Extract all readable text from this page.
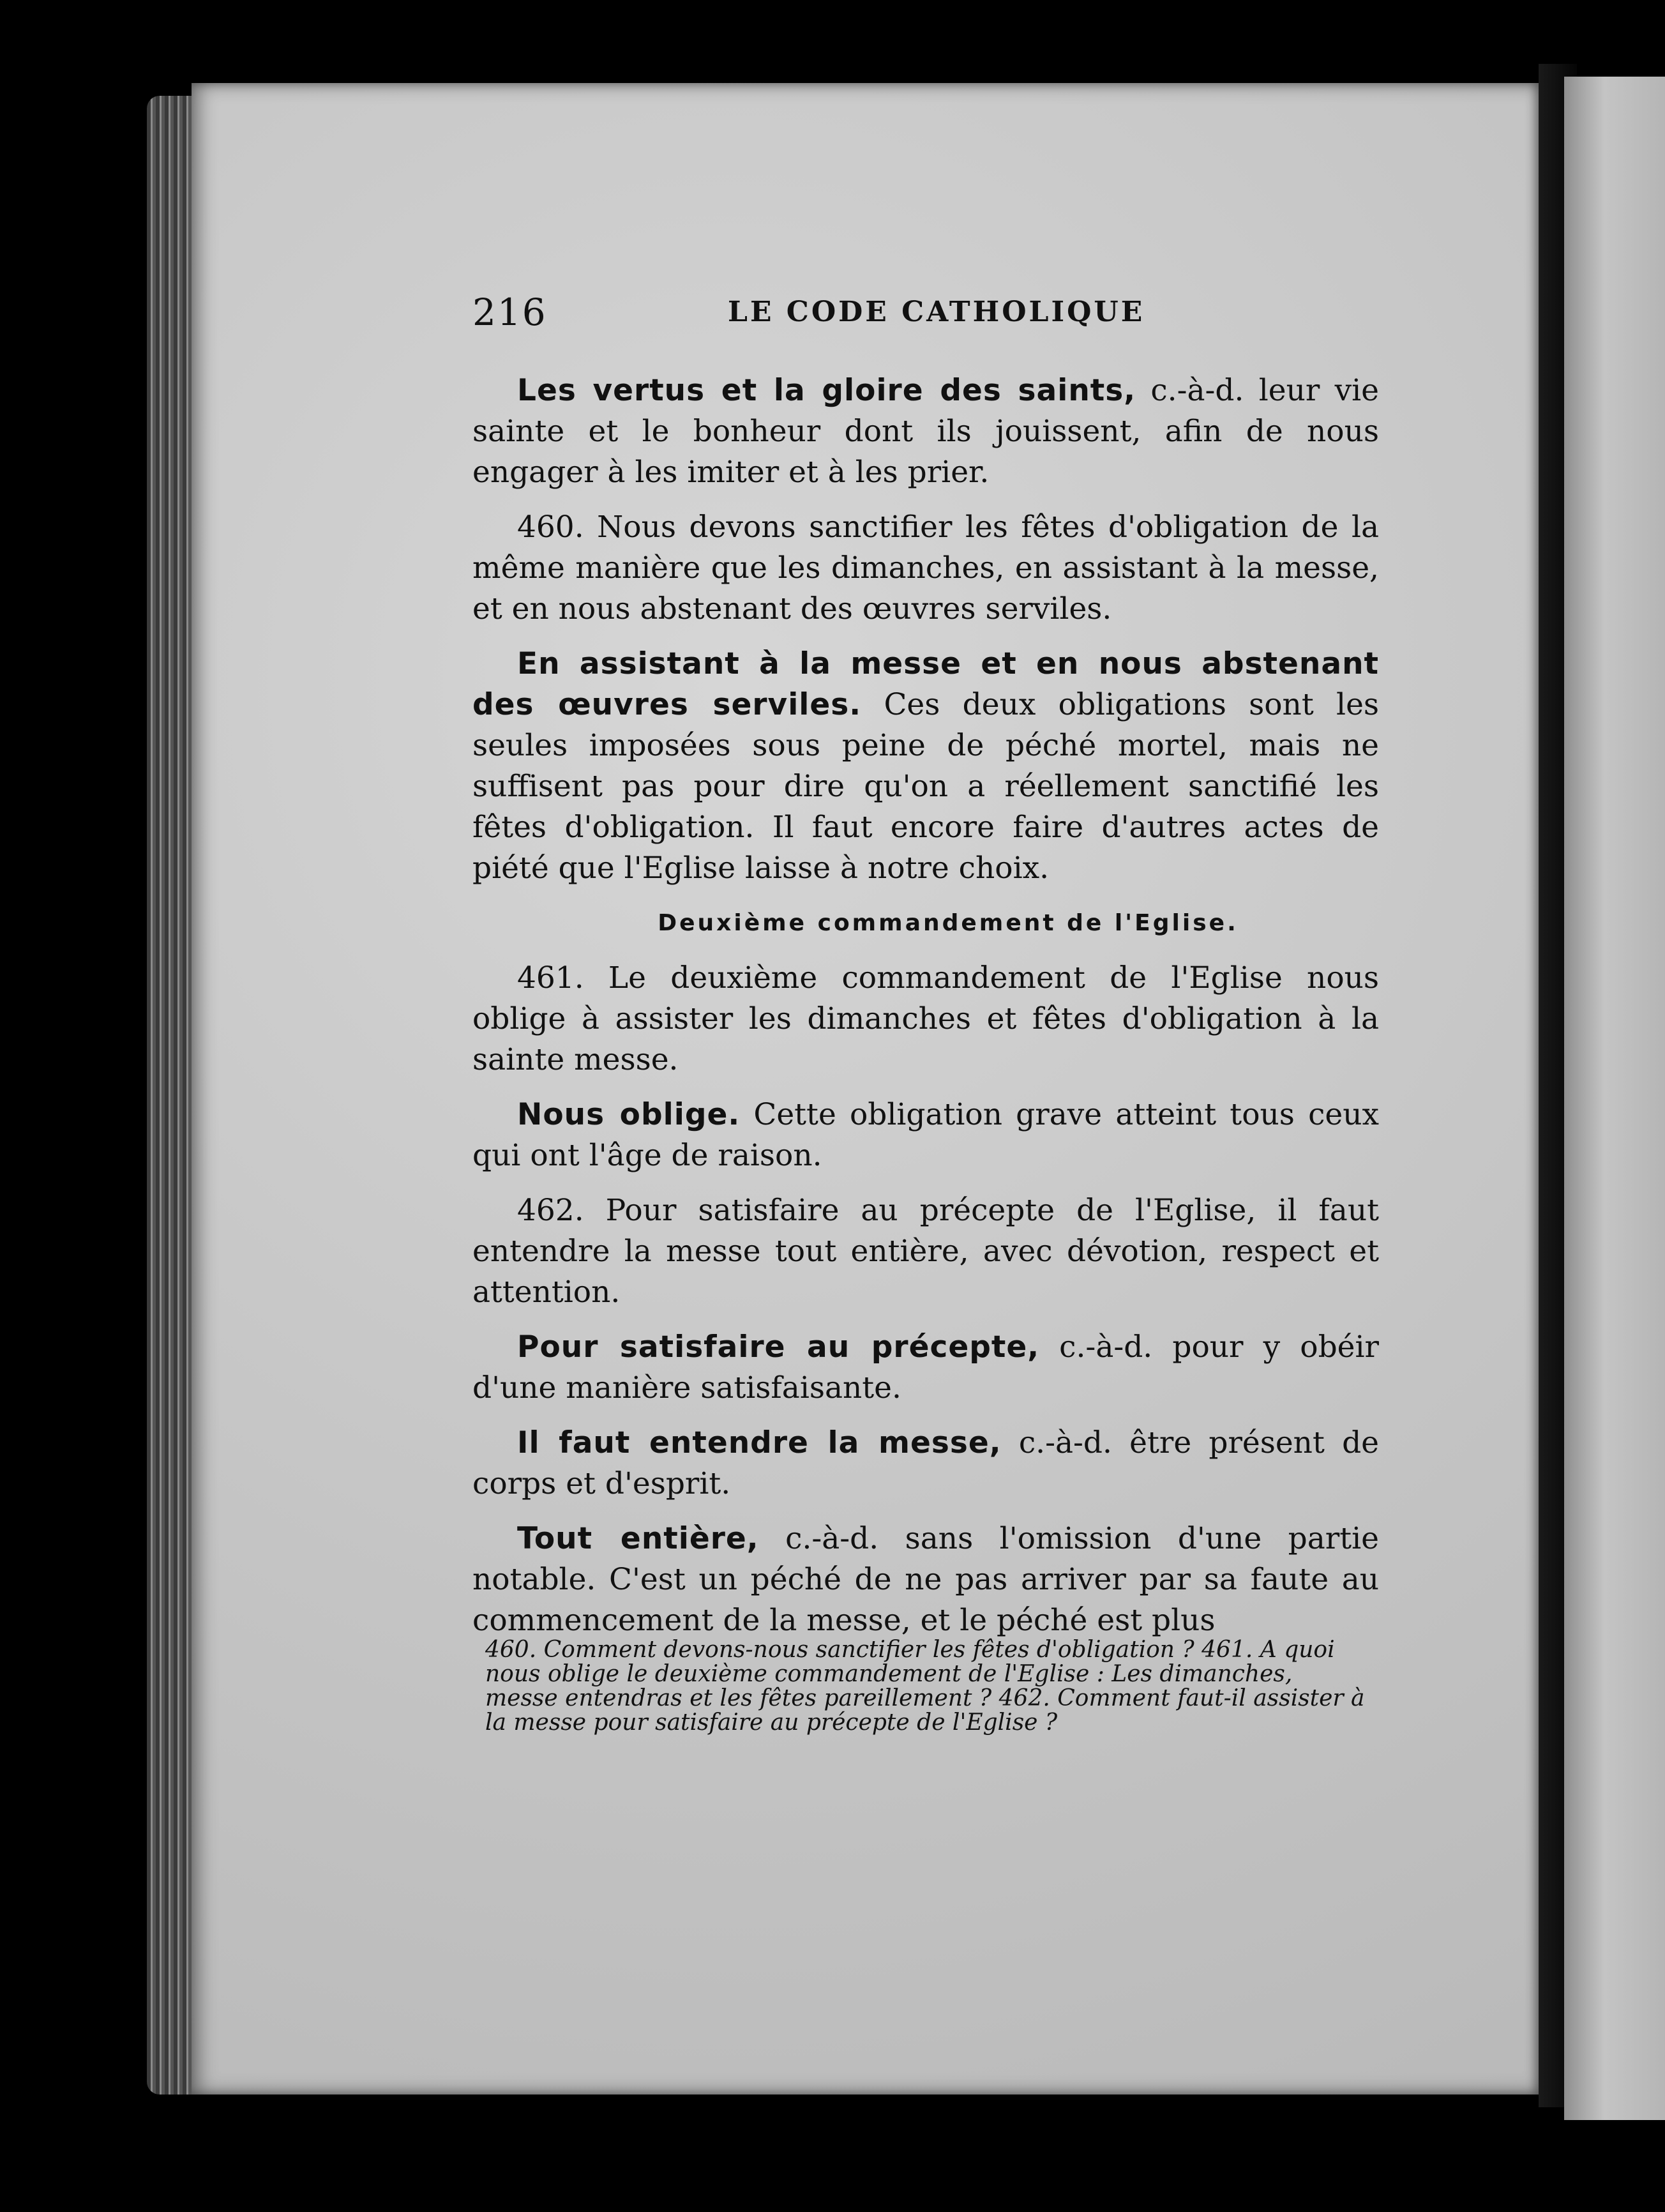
216	LE CODE CATHOLIQUE

Les vertus et la gloire des saints, c.-à-d. leur vie sainte et le bonheur dont ils jouissent, afin de nous engager à les imiter et à les prier.

460. Nous devons sanctifier les fêtes d'obligation de la même manière que les dimanches, en assistant à la messe, et en nous abstenant des œuvres serviles.

En assistant à la messe et en nous abstenant des œuvres serviles. Ces deux obligations sont les seules imposées sous peine de péché mortel, mais ne suffisent pas pour dire qu'on a réellement sanctifié les fêtes d'obligation. Il faut encore faire d'autres actes de piété que l'Eglise laisse à notre choix.

Deuxième commandement de l'Eglise.

461. Le deuxième commandement de l'Eglise nous oblige à assister les dimanches et fêtes d'obligation à la sainte messe.

Nous oblige. Cette obligation grave atteint tous ceux qui ont l'âge de raison.

462. Pour satisfaire au précepte de l'Eglise, il faut entendre la messe tout entière, avec dévotion, respect et attention.

Pour satisfaire au précepte, c.-à-d. pour y obéir d'une manière satisfaisante.

Il faut entendre la messe, c.-à-d. être présent de corps et d'esprit.

Tout entière, c.-à-d. sans l'omission d'une partie notable. C'est un péché de ne pas arriver par sa faute au commencement de la messe, et le péché est plus

460. Comment devons-nous sanctifier les fêtes d'obligation ? 461. A quoi
nous oblige le deuxième commandement de l'Eglise : Les dimanches,
messe entendras et les fêtes pareillement ? 462. Comment faut-il assister à
la messe pour satisfaire au précepte de l'Eglise ?
